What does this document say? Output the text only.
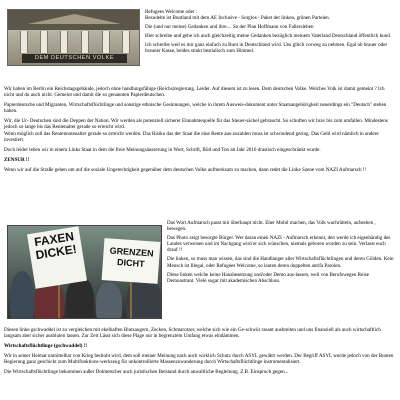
DEM DEUTSCHEN VOLKE

Refugees Welcome oder :

Besudelte ist Buntland mit dem AE Inclusive - Sorglos - Paket der linken, grünen Parteien.

Die (und nur meine) Gedanken und ihre.... So der Plan Hoffmann von Fallersleben

Hier schreibe und gebe ich auch gleichzeitig meine Gedanken bezüglich meinem Vaterland Deutschland öffentlich kund.

Ich schreibe weil es mir ganz einfach zu Bunt in Deutschland wird. Uns glitch vorweg zu nehmen. Egal ob brauer oder brauner Kasse, beides stinkt bestialisch zum Himmel.

Wir haben im Berlin ein Reichstagsgebäude, jedoch ohne handlungsfähige (Reichs)regierung. Leider. Auf diesem ist zu lesen. Dem deutschen Volke. Welches Volk ist damit gemeint ? Ich nicht und du auch nicht. Gemeint und damit die so genannten Papierdeutschen.

Papierdeutsche und Migranten, Wirtschaftsflüchtlinge und sonstige ethnische Gesinnungen, welche in ihrem Ausweis-dokument unter Staatsangehörigkeit neuerdings ein "Deutsch" stehen haben.

Wir, die Ur- Deutschen sind die Deppen der Nation. Wir werden als potenziell sicherer Einnahmequelle für das Steuer-säckel gebraucht. So schuften wir brav bis zum umfallen. Mindestens jedoch so lange bis das Rentenalter gerade so erreicht wird.

Wenn möglich soll das Rentennotenalter gerade so erreicht werden. Das Risiko das der Staat die eine Rente aus-zuzahlen muss ist schwindend gering. Das Geld wird nämlich in andere investiert.

Doch leider leben wir in einem Links Staat in dem die freie Meinungsäusserung in Wort, Schrift, Bild und Ton ab Jahr 2016 drastisch eingeschränkt wurde.

ZENSUR !!

Wenn wir auf die Straße gehen um auf die soziale Ungerechtigkeit gegenüber dem deutschen Volke aufmerksam zu machen, dann redet die Linke Szene vom NAZI Aufmarsch !!

FAXEN DICKE!	GRENZEN DICHT

Das Wort Aufmarsch passt mir überhaupt nicht. Eher Mobil machen, das Volk wachrütteln, aufstehen , bewegen.

Das Photo zeigt besorgte Bürger. Wer daran einen NAZI - Aufmarsch erkennt, den werde ich eigenhändig des Landes verweisen und im Nachgang wird er sich wünschen, niemals geboren worden zu sein. Verlasst euch drauf !!

Die linken, so muss man wissen, das sind die Handlanger aller Wirtschaftsflüchtlingen und deren Gölden. Kein Mensch ist Illegal, oder Refugees Welcome, so lauten deren doppelten antifa Parolen.

Diese linken welche keine Hausbesetzung und/oder Demo aus-lassen, weil von Berufswegen Reise Demonstrant. Viele sogar mit akademischen Abschluss.

Diesen linke gschwaddel ist zu vergleichen mit ekelhaften Blutsaugern, Zecken, Schmarotzer, welche sich wie ein Ge-schwür rasant ausbreiten und uns finanziell als auch wirtschaftlich langsam aber sicher ausbluten lassen. Zur Zeit Lässt sich diese Plage nur in begrenztem Umfang etwas eindämmen.

Wirtschaftsflüchtlinge (gschwaddel) !!

Wir in seiner Heimat unmittelbar von Krieg bedroht wird, dem soll meiner Meinung nach auch wirklich Schutz durch ASYL gewährt werden. Der Begriff ASYL wurde jedoch von der Bunten Regierung ganz geschickt zum Multifunktions-werkzeug für unkontrollierte Massenzuwanderung durch Wirtschaftsflüchtlinge instrumentalisiert.

Die Wirtschaftsflüchtlinge bekommen außer Dolmetscher auch juristischen Beistand durch anwaltliche Begleitung. Z.B. Einspruch gegen...
